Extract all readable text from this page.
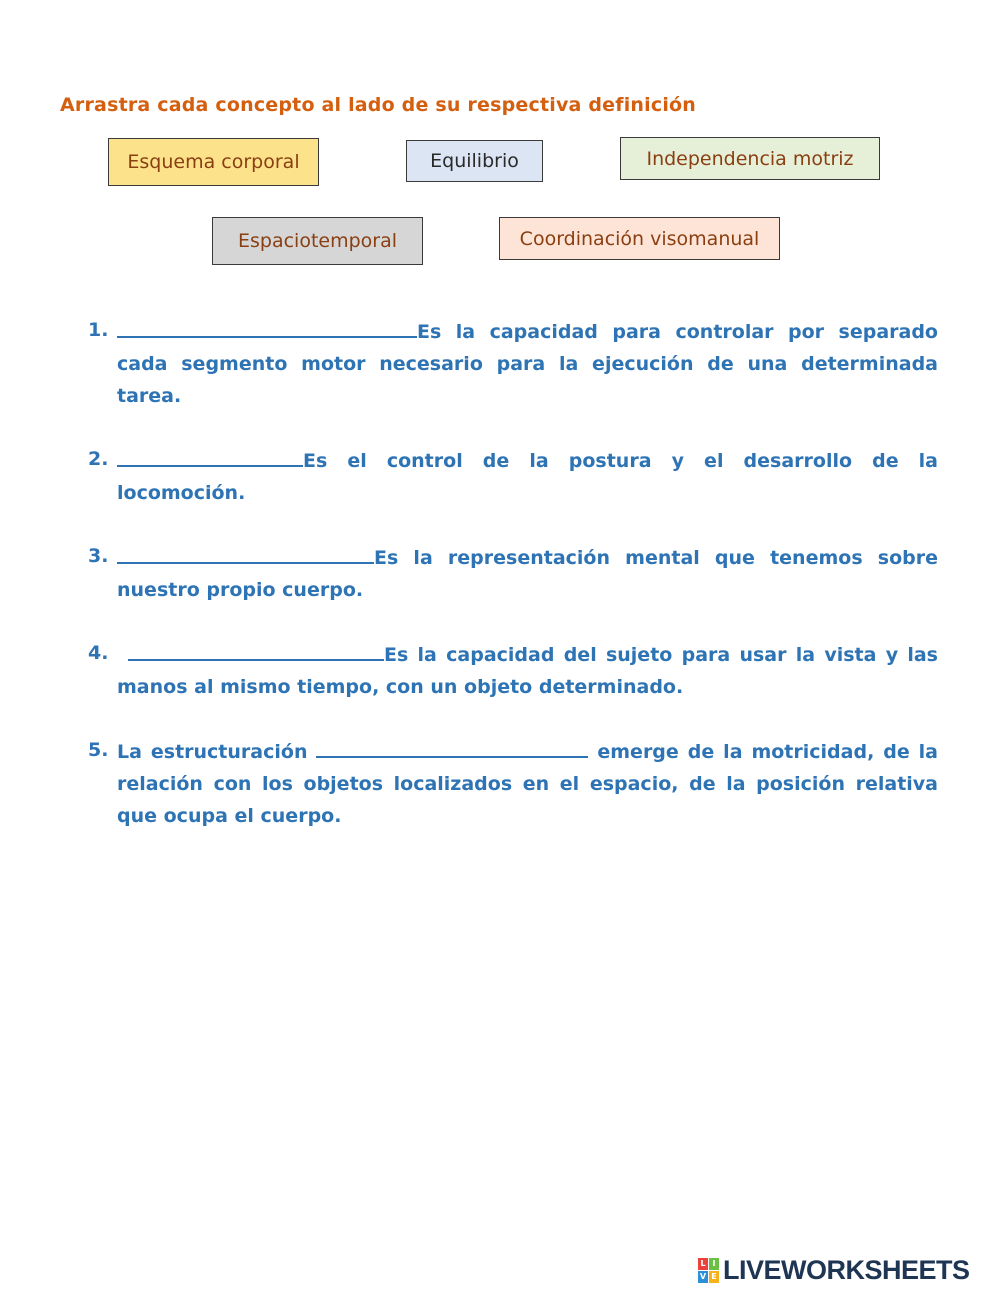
Arrastra cada concepto al lado de su respectiva definición
Esquema corporal	Equilibrio	Independencia motriz
Espaciotemporal	Coordinación visomanual
1.	Es la capacidad para controlar por separado cada segmento motor necesario para la ejecución de una determinada tarea.
2.	Es el control de la postura y el desarrollo de la locomoción.
3.	Es la representación mental que tenemos sobre nuestro propio cuerpo.
4.	Es la capacidad del sujeto para usar la vista y las manos al mismo tiempo, con un objeto determinado.
5. La estructuración	emerge de la motricidad, de la relación con los objetos localizados en el espacio, de la posición relativa que ocupa el cuerpo.
L I
V E LIVEWORKSHEETS
